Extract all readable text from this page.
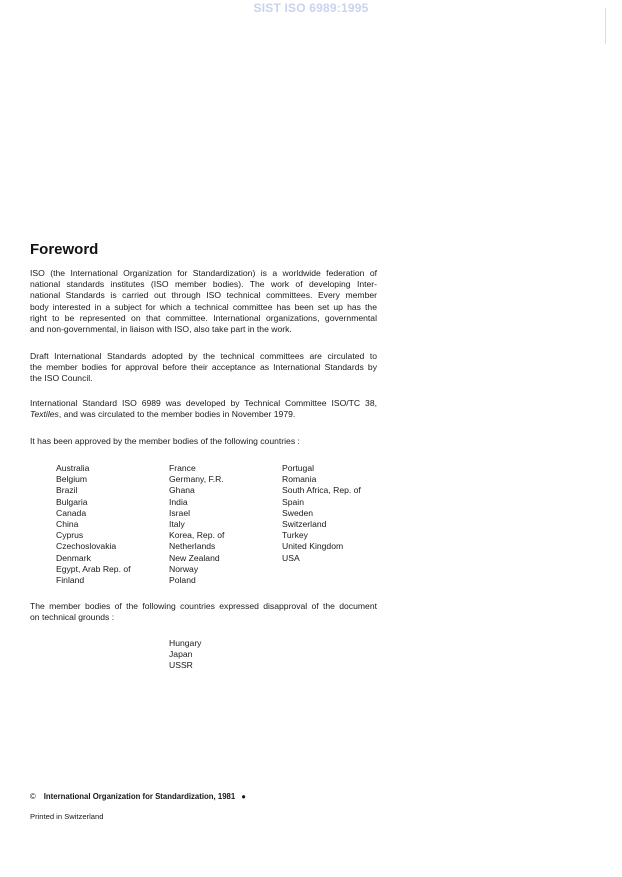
SIST ISO 6989:1995
Foreword
ISO (the International Organization for Standardization) is a worldwide federation of
national standards institutes (ISO member bodies). The work of developing Inter-
national Standards is carried out through ISO technical committees. Every member
body interested in a subject for which a technical committee has been set up has the
right to be represented on that committee. International organizations, governmental
and non-governmental, in liaison with ISO, also take part in the work.
Draft International Standards adopted by the technical committees are circulated to
the member bodies for approval before their acceptance as International Standards by
the ISO Council.
International Standard ISO 6989 was developed by Technical Committee ISO/TC 38,
Textiles, and was circulated to the member bodies in November 1979.
It has been approved by the member bodies of the following countries :
Australia
Belgium
Brazil
Bulgaria
Canada
China
Cyprus
Czechoslovakia
Denmark
Egypt, Arab Rep. of
Finland
France
Germany, F.R.
Ghana
India
Israel
Italy
Korea, Rep. of
Netherlands
New Zealand
Norway
Poland
Portugal
Romania
South Africa, Rep. of
Spain
Sweden
Switzerland
Turkey
United Kingdom
USA
The member bodies of the following countries expressed disapproval of the document
on technical grounds :
Hungary
Japan
USSR
© International Organization for Standardization, 1981 ●
Printed in Switzerland
